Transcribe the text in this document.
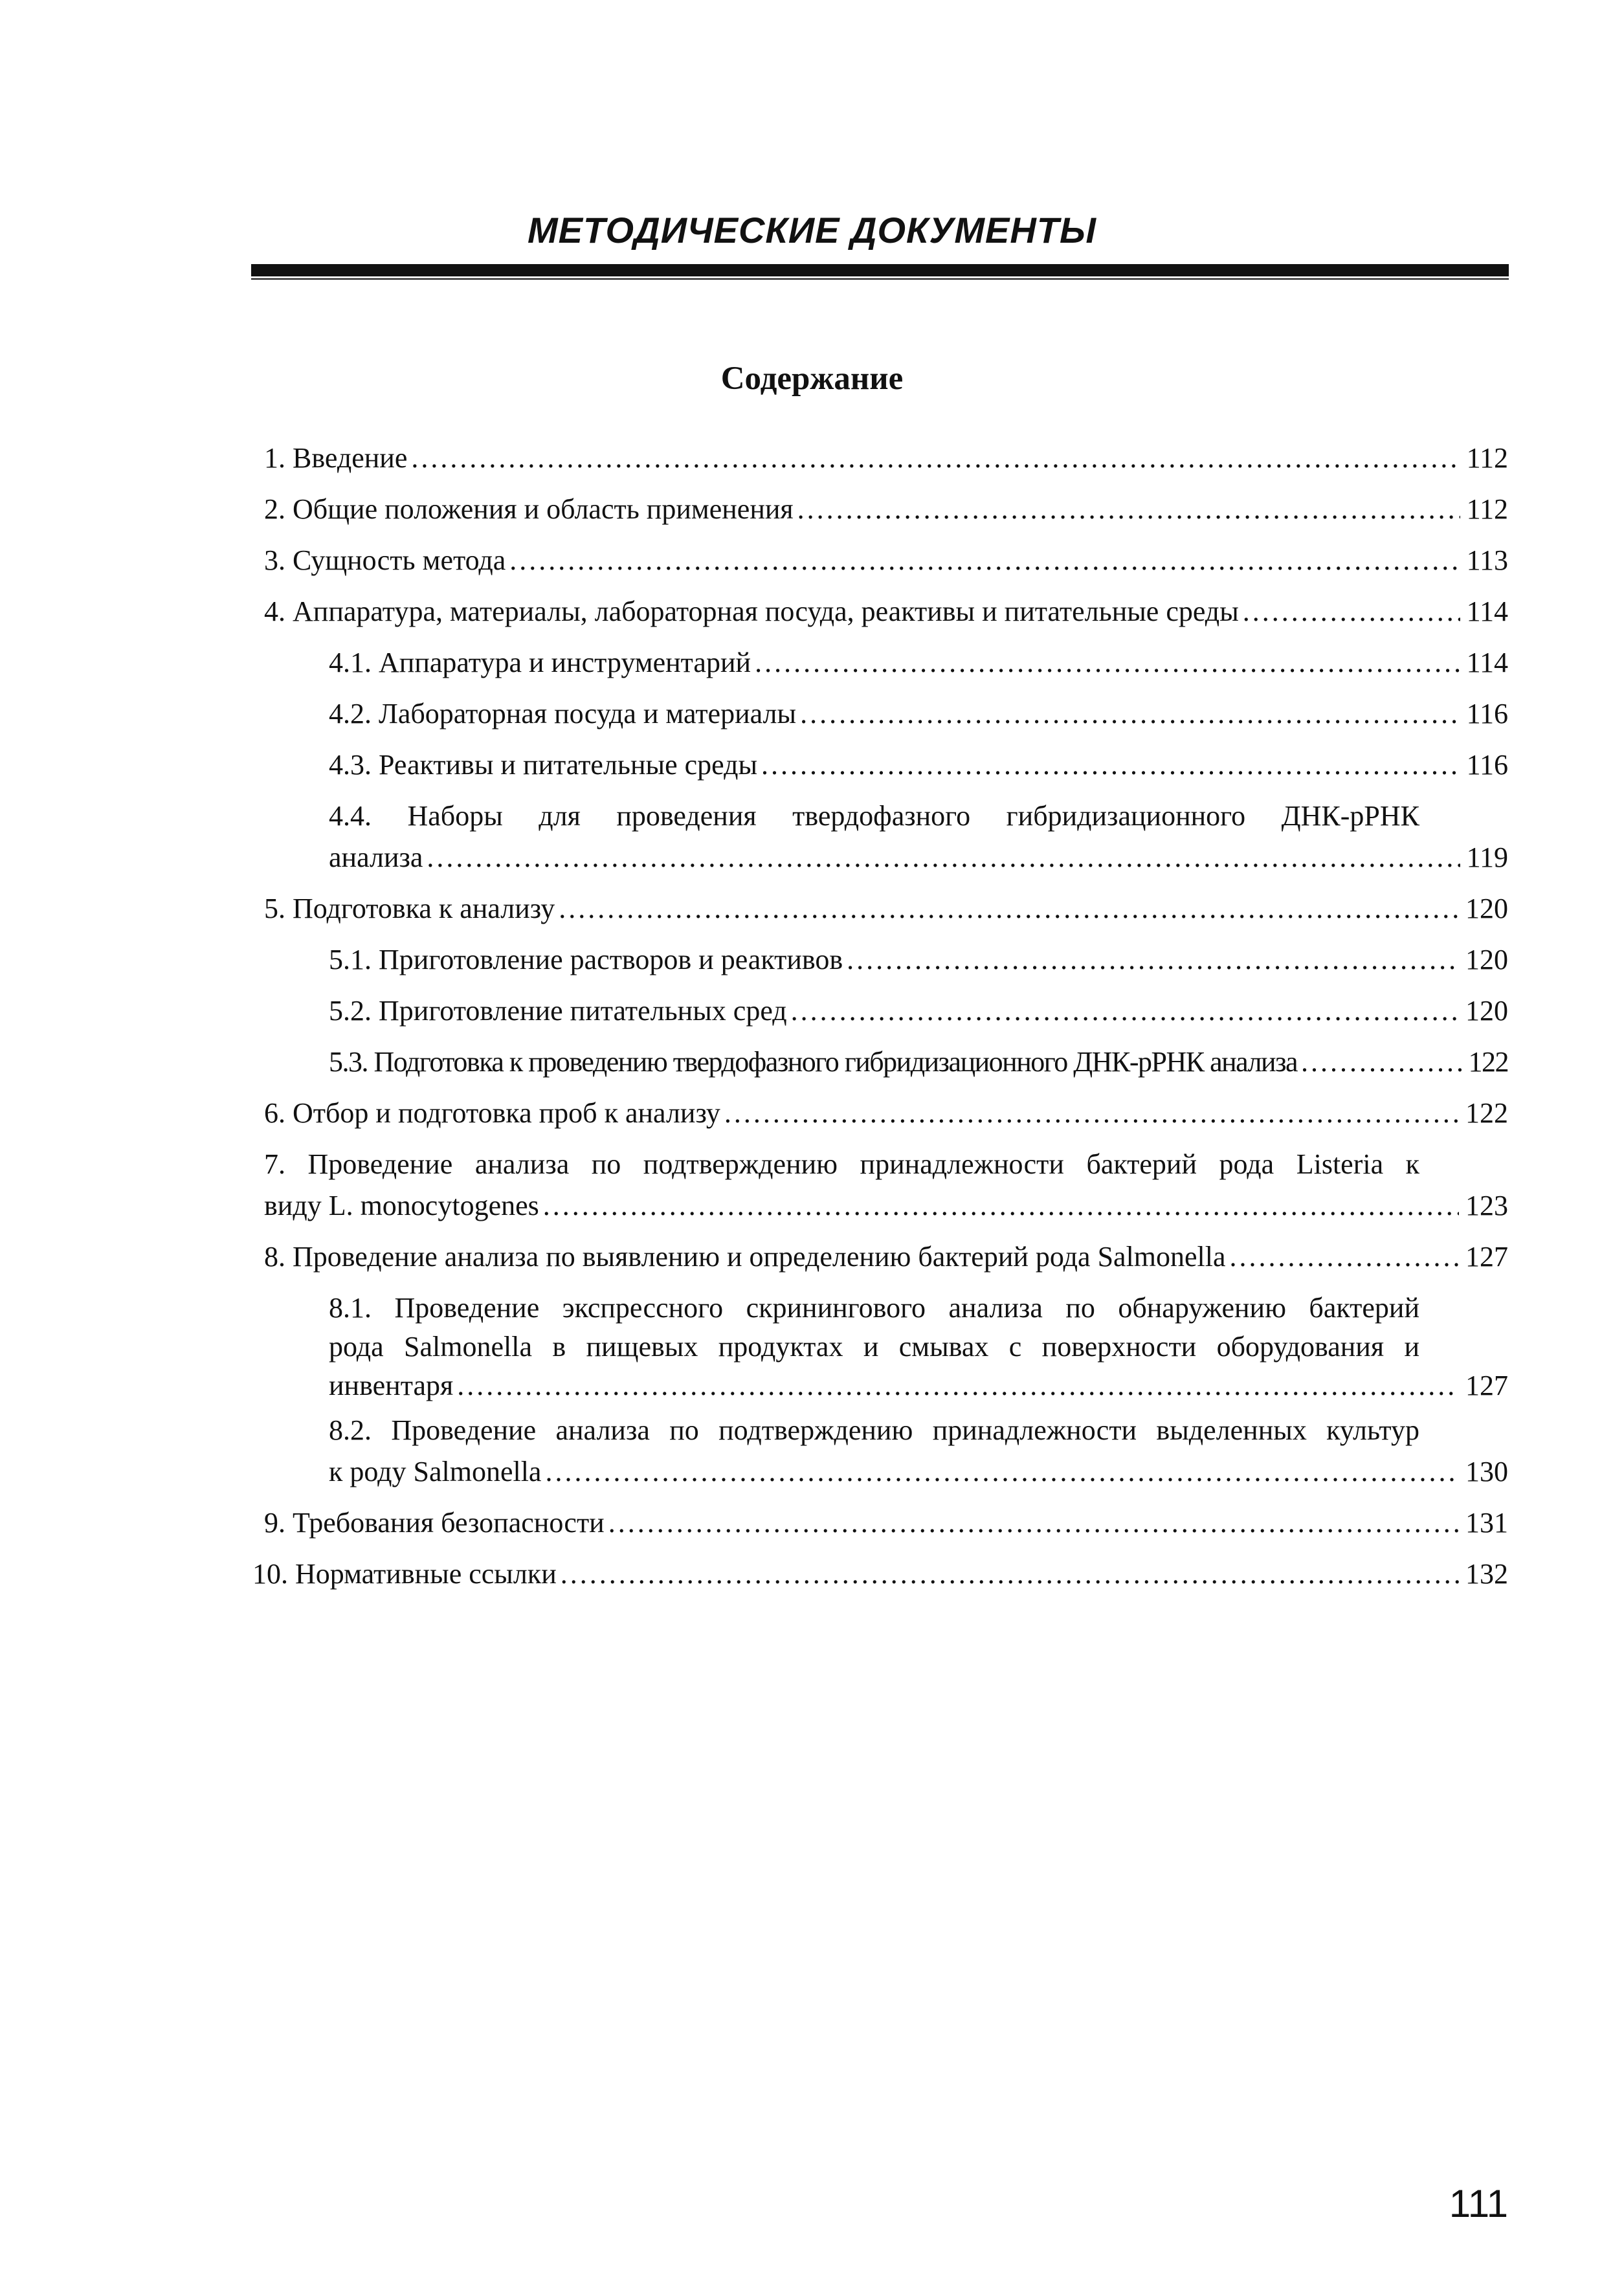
МЕТОДИЧЕСКИЕ ДОКУМЕНТЫ
Содержание
1. Введение .....	112
2. Общие положения и область применения .....	112
3. Сущность метода .....	113
4. Аппаратура, материалы, лабораторная посуда, реактивы и питательные среды .....	114
4.1. Аппаратура и инструментарий .....	114
4.2. Лабораторная посуда и материалы .....	116
4.3. Реактивы и питательные среды .....	116
4.4. Наборы для проведения твердофазного гибридизационного ДНК-рРНК
анализа .....	119
5. Подготовка к анализу .....	120
5.1. Приготовление растворов и реактивов .....	120
5.2. Приготовление питательных сред .....	120
5.3. Подготовка к проведению твердофазного гибридизационного ДНК-рРНК анализа .....	122
6. Отбор и подготовка проб к анализу .....	122
7. Проведение анализа по подтверждению принадлежности бактерий рода Listeria к
виду L. monocytogenes .....	123
8. Проведение анализа по выявлению и определению бактерий рода Salmonella .....	127
8.1. Проведение экспрессного скринингового анализа по обнаружению бактерий
рода Salmonella в пищевых продуктах и смывах с поверхности оборудования и
инвентаря .....	127
8.2. Проведение анализа по подтверждению принадлежности выделенных культур
к роду Salmonella .....	130
9. Требования безопасности .....	131
10. Нормативные ссылки .....	132
111
